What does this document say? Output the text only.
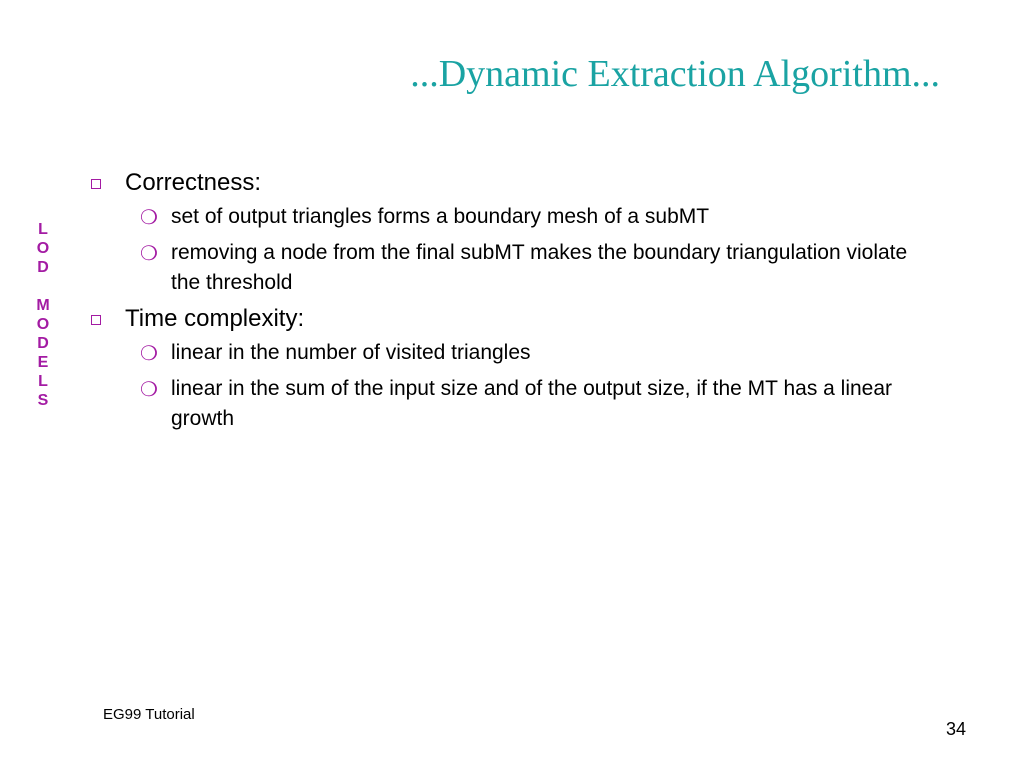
...Dynamic Extraction Algorithm...
L
O
D
M
O
D
E
L
S
Correctness:
❍ set of output triangles forms a boundary mesh of a subMT
❍ removing a node from the final subMT makes the boundary triangulation violate the threshold
Time complexity:
❍ linear in the number of visited triangles
❍ linear in the sum of the input size and of the output size, if the MT has a linear growth
EG99 Tutorial
34
